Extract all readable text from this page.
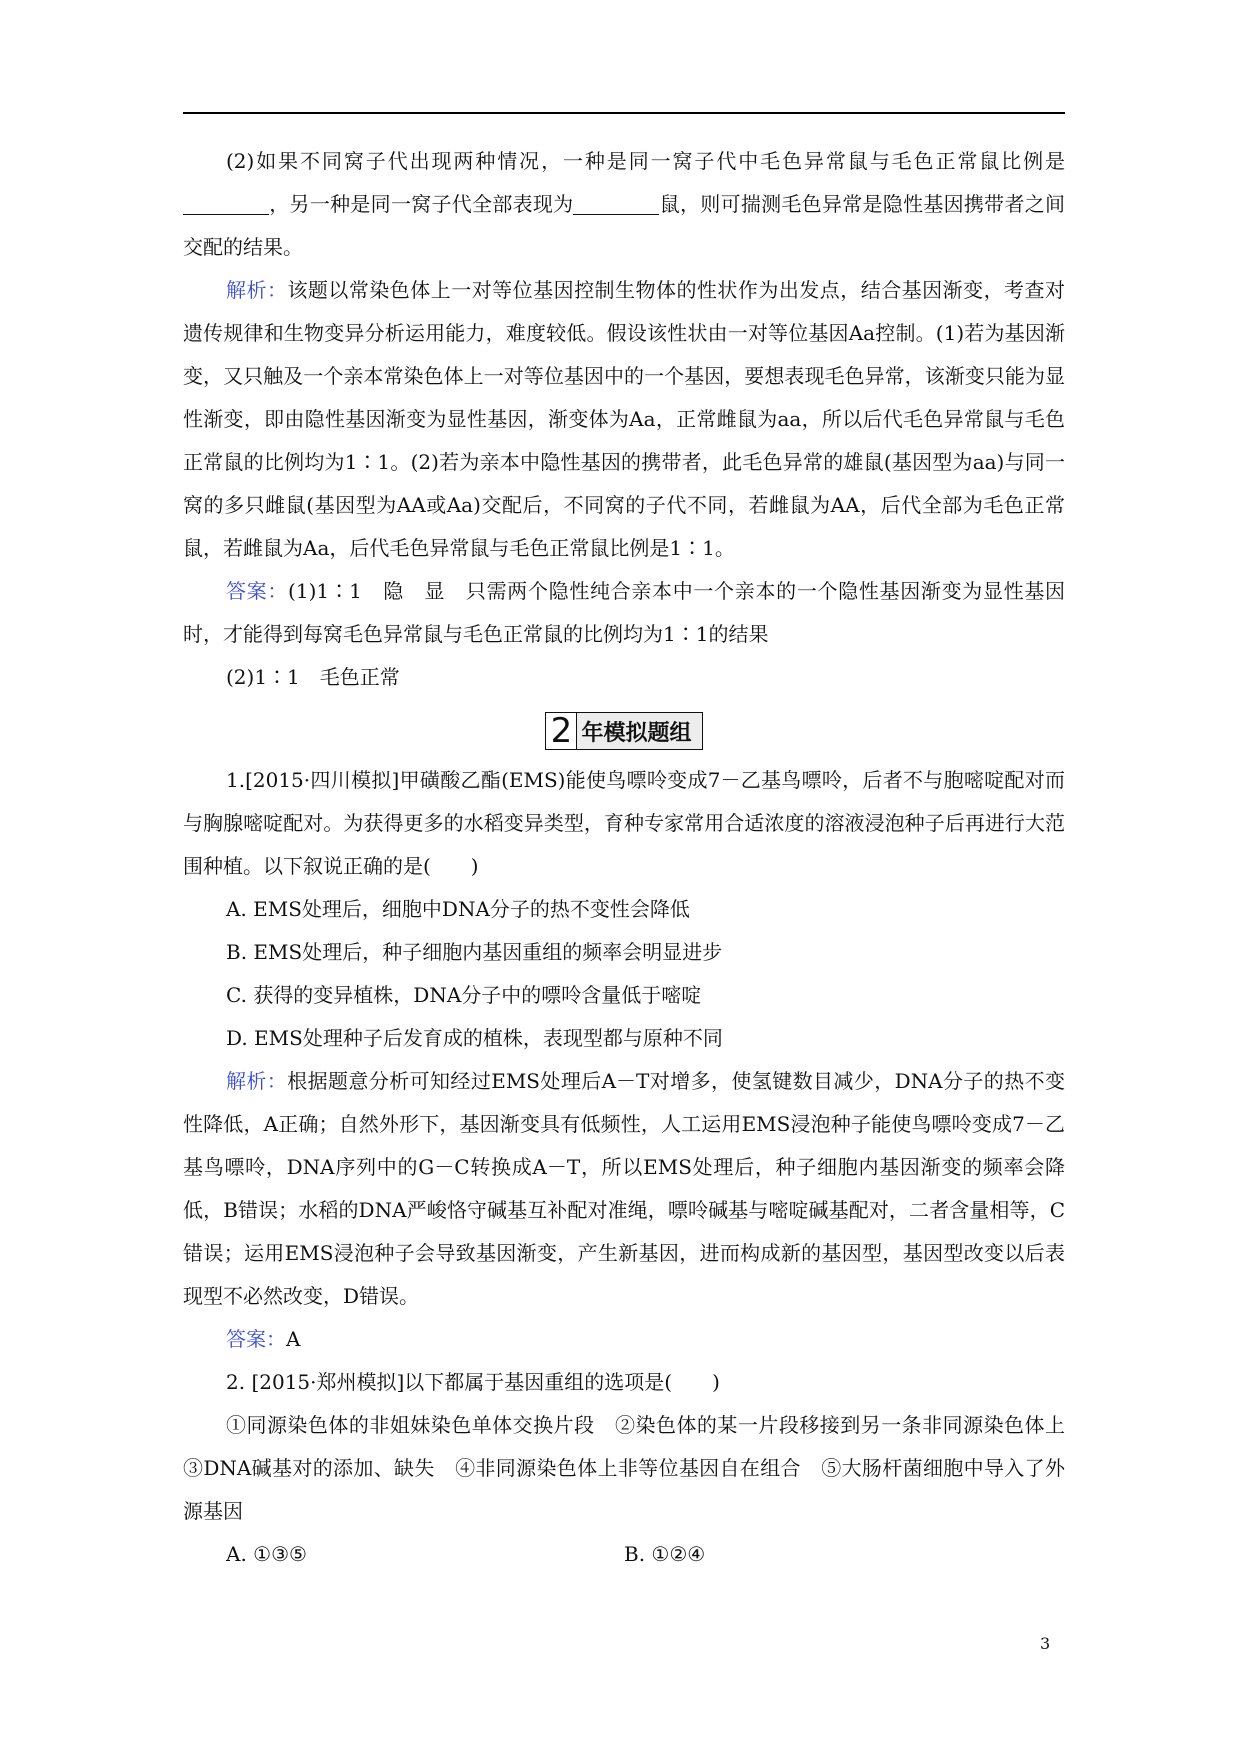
(2)如果不同窝子代出现两种情况，一种是同一窝子代中毛色异常鼠与毛色正常鼠比例是，另一种是同一窝子代全部表现为	鼠，则可揣测毛色异常是隐性基因携带者之间交配的结果。

解析：该题以常染色体上一对等位基因控制生物体的性状作为出发点，结合基因渐变，考查对遗传规律和生物变异分析运用能力，难度较低。假设该性状由一对等位基因Aa控制。(1)若为基因渐变，又只触及一个亲本常染色体上一对等位基因中的一个基因，要想表现毛色异常，该渐变只能为显性渐变，即由隐性基因渐变为显性基因，渐变体为Aa，正常雌鼠为aa，所以后代毛色异常鼠与毛色正常鼠的比例均为1∶1。(2)若为亲本中隐性基因的携带者，此毛色异常的雄鼠(基因型为aa)与同一窝的多只雌鼠(基因型为AA或Aa)交配后，不同窝的子代不同，若雌鼠为AA，后代全部为毛色正常鼠，若雌鼠为Aa，后代毛色异常鼠与毛色正常鼠比例是1∶1。

答案：(1)1∶1　隐　显　只需两个隐性纯合亲本中一个亲本的一个隐性基因渐变为显性基因时，才能得到每窝毛色异常鼠与毛色正常鼠的比例均为1∶1的结果

(2)1∶1　毛色正常

2 年模拟题组

1.[2015·四川模拟]甲磺酸乙酯(EMS)能使鸟嘌呤变成7－乙基鸟嘌呤，后者不与胞嘧啶配对而与胸腺嘧啶配对。为获得更多的水稻变异类型，育种专家常用合适浓度的溶液浸泡种子后再进行大范围种植。以下叙说正确的是(　　)

A. EMS处理后，细胞中DNA分子的热不变性会降低

B. EMS处理后，种子细胞内基因重组的频率会明显进步

C. 获得的变异植株，DNA分子中的嘌呤含量低于嘧啶

D. EMS处理种子后发育成的植株，表现型都与原种不同

解析：根据题意分析可知经过EMS处理后A－T对增多，使氢键数目减少，DNA分子的热不变性降低，A正确；自然外形下，基因渐变具有低频性，人工运用EMS浸泡种子能使鸟嘌呤变成7－乙基鸟嘌呤，DNA序列中的G－C转换成A－T，所以EMS处理后，种子细胞内基因渐变的频率会降低，B错误；水稻的DNA严峻恪守碱基互补配对准绳，嘌呤碱基与嘧啶碱基配对，二者含量相等，C错误；运用EMS浸泡种子会导致基因渐变，产生新基因，进而构成新的基因型，基因型改变以后表现型不必然改变，D错误。

答案：A

2. [2015·郑州模拟]以下都属于基因重组的选项是(　　)

①同源染色体的非姐妹染色单体交换片段　②染色体的某一片段移接到另一条非同源染色体上　③DNA碱基对的添加、缺失　④非同源染色体上非等位基因自在组合　⑤大肠杆菌细胞中导入了外源基因

A. ①③⑤	B. ①②④
3
